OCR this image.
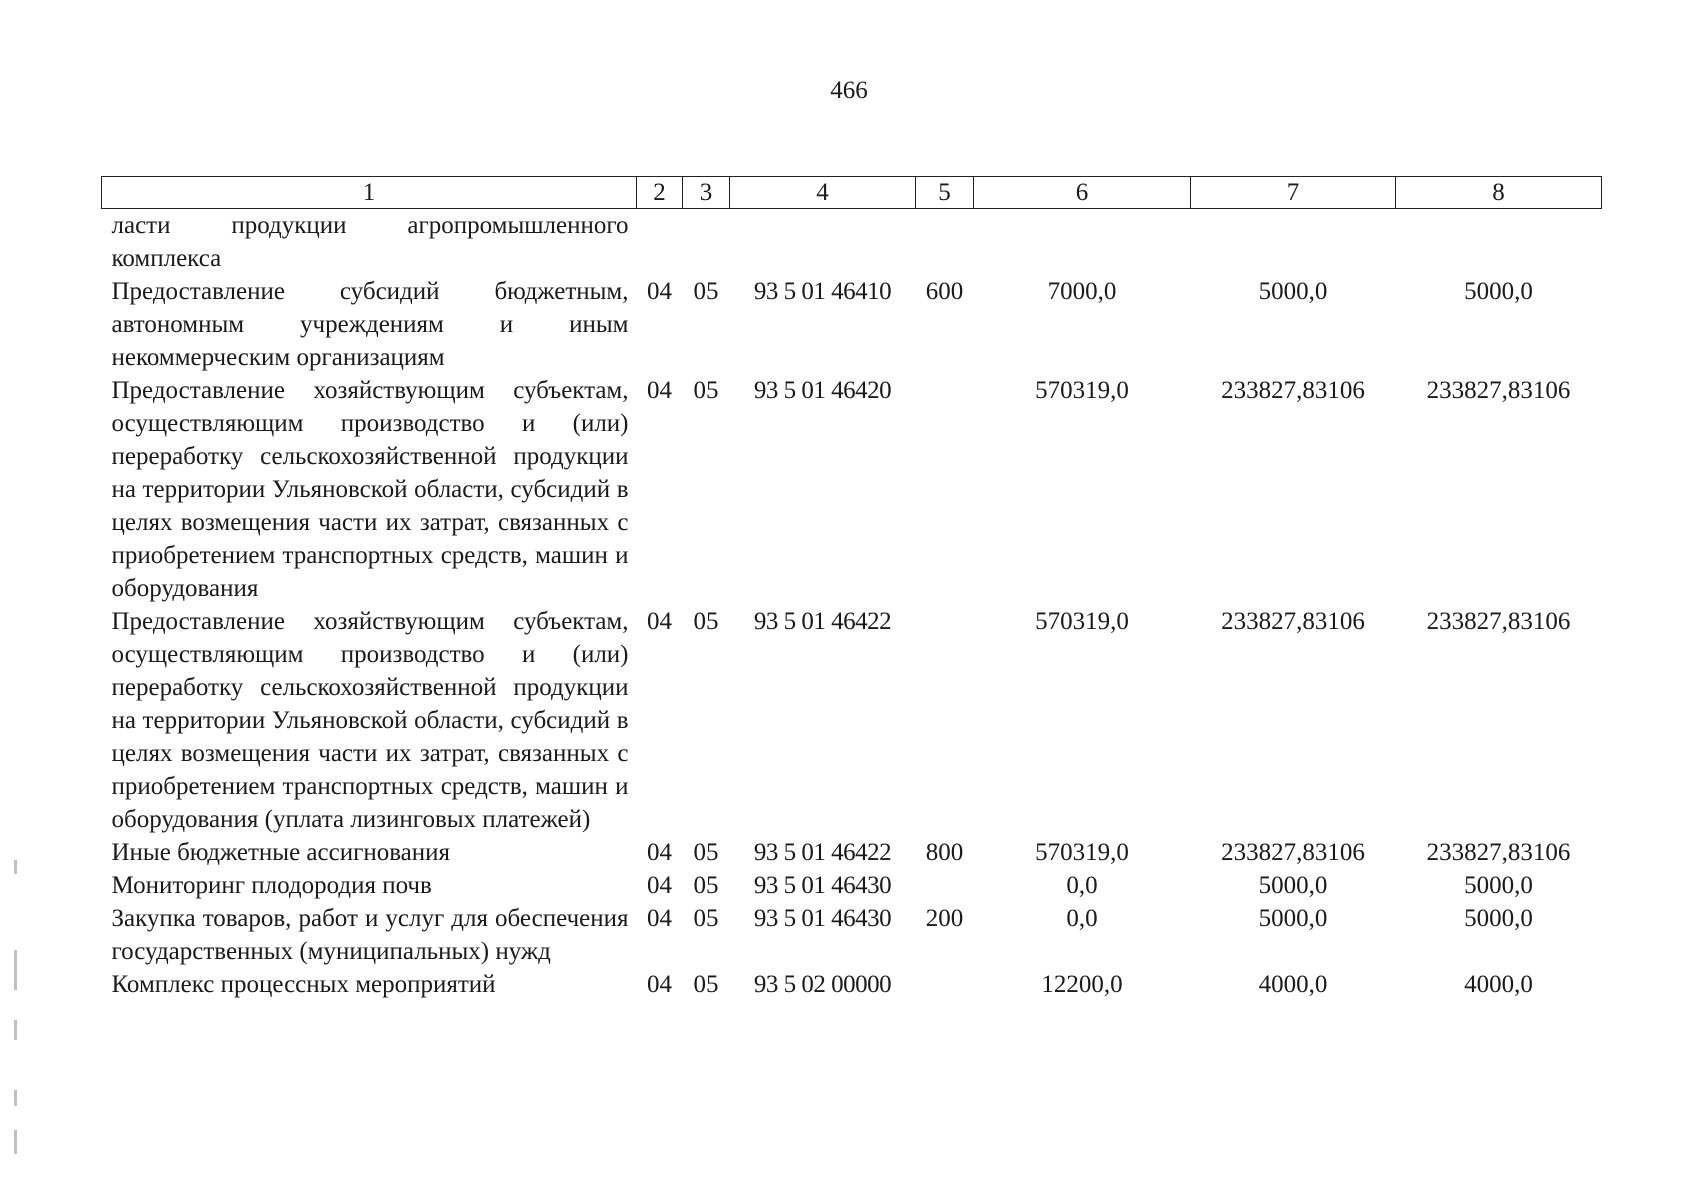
466
1	2	3	4	5	6	7	8
ласти продукции агропромышленного комплекса							
Предоставление субсидий бюджетным, автономным учреждениям и иным некоммерческим организациям	04	05	93 5 01 46410	600	7000,0	5000,0	5000,0
Предоставление хозяйствующим субъектам, осуществляющим производство и (или) переработку сельскохозяйственной продукции на территории Ульяновской области, субсидий в целях возмещения части их затрат, связанных с приобретением транспортных средств, машин и оборудования	04	05	93 5 01 46420		570319,0	233827,83106	233827,83106
Предоставление хозяйствующим субъектам, осуществляющим производство и (или) переработку сельскохозяйственной продукции на территории Ульяновской области, субсидий в целях возмещения части их затрат, связанных с приобретением транспортных средств, машин и оборудования (уплата лизинговых платежей)	04	05	93 5 01 46422		570319,0	233827,83106	233827,83106
Иные бюджетные ассигнования	04	05	93 5 01 46422	800	570319,0	233827,83106	233827,83106
Мониторинг плодородия почв	04	05	93 5 01 46430		0,0	5000,0	5000,0
Закупка товаров, работ и услуг для обеспечения государственных (муниципальных) нужд	04	05	93 5 01 46430	200	0,0	5000,0	5000,0
Комплекс процессных мероприятий	04	05	93 5 02 00000		12200,0	4000,0	4000,0
